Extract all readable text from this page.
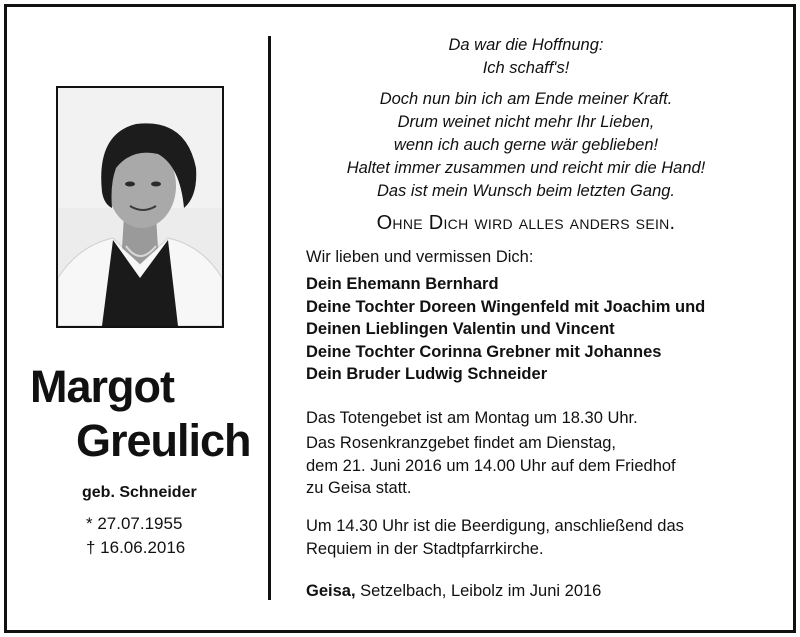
Margot
Greulich
geb. Schneider
* 27.07.1955
† 16.06.2016

Da war die Hoffnung:

Ich schaff's!

Doch nun bin ich am Ende meiner Kraft.

Drum weinet nicht mehr Ihr Lieben,

wenn ich auch gerne wär geblieben!

Haltet immer zusammen und reicht mir die Hand!

Das ist mein Wunsch beim letzten Gang.

Ohne Dich wird alles anders sein.
Wir lieben und vermissen Dich:

Dein Ehemann Bernhard

Deine Tochter Doreen Wingenfeld mit Joachim und

Deinen Lieblingen Valentin und Vincent

Deine Tochter Corinna Grebner mit Johannes

Dein Bruder Ludwig Schneider

Das Totengebet ist am Montag um 18.30 Uhr.

Das Rosenkranzgebet findet am Dienstag,

dem 21. Juni 2016 um 14.00 Uhr auf dem Friedhof

zu Geisa statt.

Um 14.30 Uhr ist die Beerdigung, anschließend das

Requiem in der Stadtpfarrkirche.

Geisa, Setzelbach, Leibolz im Juni 2016
